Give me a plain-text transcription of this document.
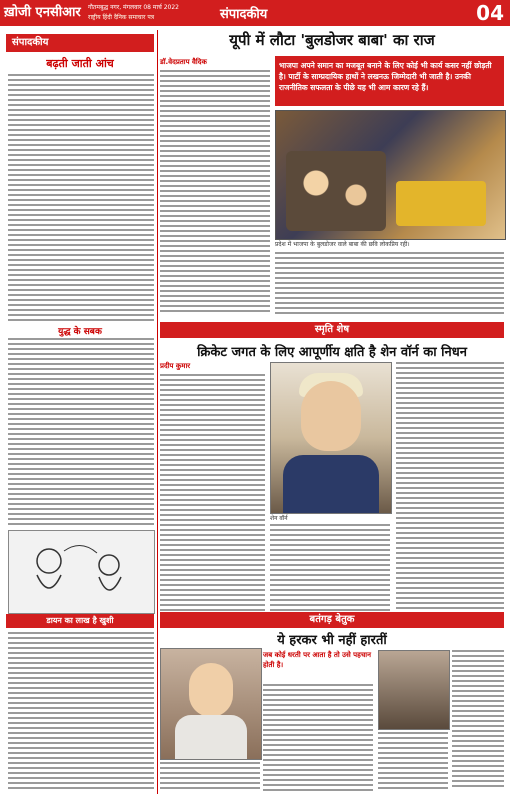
ख़ोजी एनसीआर गौतमबुद्ध नगर, मंगलवार 08 मार्च 2022
राष्ट्रीय हिंदी दैनिक समाचार पत्र	संपादकीय	04
संपादकीय
बढ़ती जाती आंच
युद्ध के सबक
डायन का लाख है खुशी
यूपी में लौटा 'बुलडोजर बाबा' का राज
डॉ.वेदप्रताप वैदिक	भाजपा अपने समान का मजबूत बनाने के लिए कोई भी कार्य कसर नहीं छोड़ती है। पार्टी के साम्प्रदायिक हाथों ने लखनऊ जिम्मेदारी भी जाती है। उनकी राजनीतिक सफलता के पीछे यह भी आम कारण रहे हैं।
प्रदेश में भाजपा के बुलडोजर वाले बाबा की छवि लोकप्रिय रही।
स्मृति शेष
क्रिकेट जगत के लिए आपूर्णीय क्षति है शेन वॉर्न का निधन
प्रदीप कुमार
शेन वॉर्न
बतंगड़ बेतुक
ये हरकर भी नहीं हारतीं
जब कोई धरती पर आता है तो उसे पहचान होती है।
